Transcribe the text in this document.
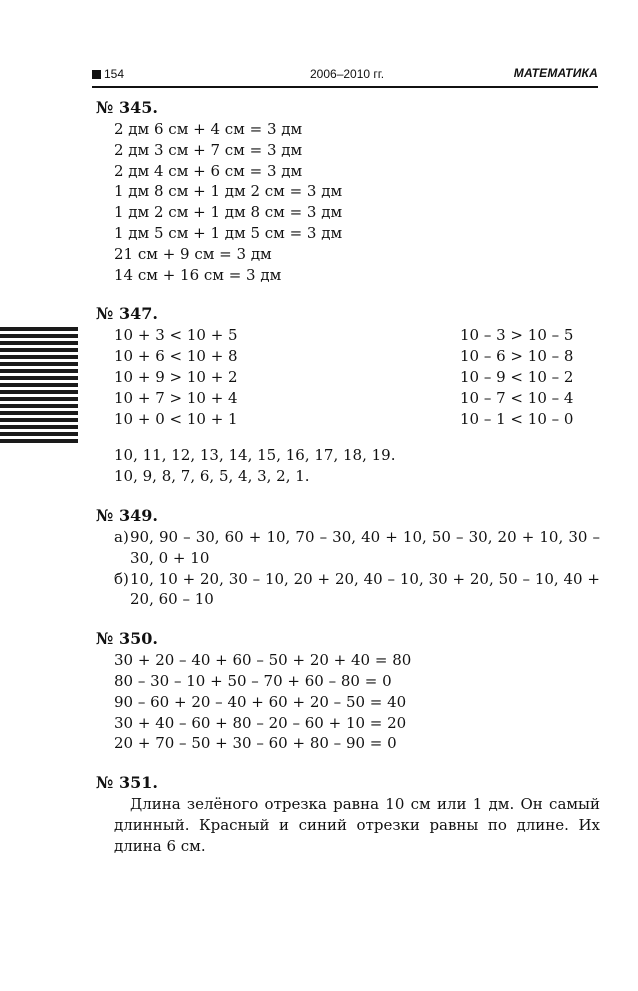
154	2006–2010 гг.	МАТЕМАТИКА
№ 345.
2 дм 6 см + 4 см = 3 дм
2 дм 3 см + 7 см = 3 дм
2 дм 4 см + 6 см = 3 дм
1 дм 8 см + 1 дм 2 см = 3 дм
1 дм 2 см + 1 дм 8 см = 3 дм
1 дм 5 см + 1 дм 5 см = 3 дм
21 см + 9 см = 3 дм
14 см + 16 см = 3 дм
№ 347.
10 + 3 < 10 + 5	10 – 3 > 10 – 5
10 + 6 < 10 + 8	10 – 6 > 10 – 8
10 + 9 > 10 + 2	10 – 9 < 10 – 2
10 + 7 > 10 + 4	10 – 7 < 10 – 4
10 + 0 < 10 + 1	10 – 1 < 10 – 0
10, 11, 12, 13, 14, 15, 16, 17, 18, 19.
10, 9, 8, 7, 6, 5, 4, 3, 2, 1.
№ 349.
а) 90, 90 – 30, 60 + 10, 70 – 30, 40 + 10, 50 – 30, 20 + 10, 30 – 30, 0 + 10
б) 10, 10 + 20, 30 – 10, 20 + 20, 40 – 10, 30 + 20, 50 – 10, 40 + 20, 60 – 10
№ 350.
30 + 20 – 40 + 60 – 50 + 20 + 40 = 80
80 – 30 – 10 + 50 – 70 + 60 – 80 = 0
90 – 60 + 20 – 40 + 60 + 20 – 50 = 40
30 + 40 – 60 + 80 – 20 – 60 + 10 = 20
20 + 70 – 50 + 30 – 60 + 80 – 90 = 0
№ 351.
Длина зелёного отрезка равна 10 см или 1 дм. Он самый длинный. Красный и синий отрезки равны по длине. Их длина 6 см.
